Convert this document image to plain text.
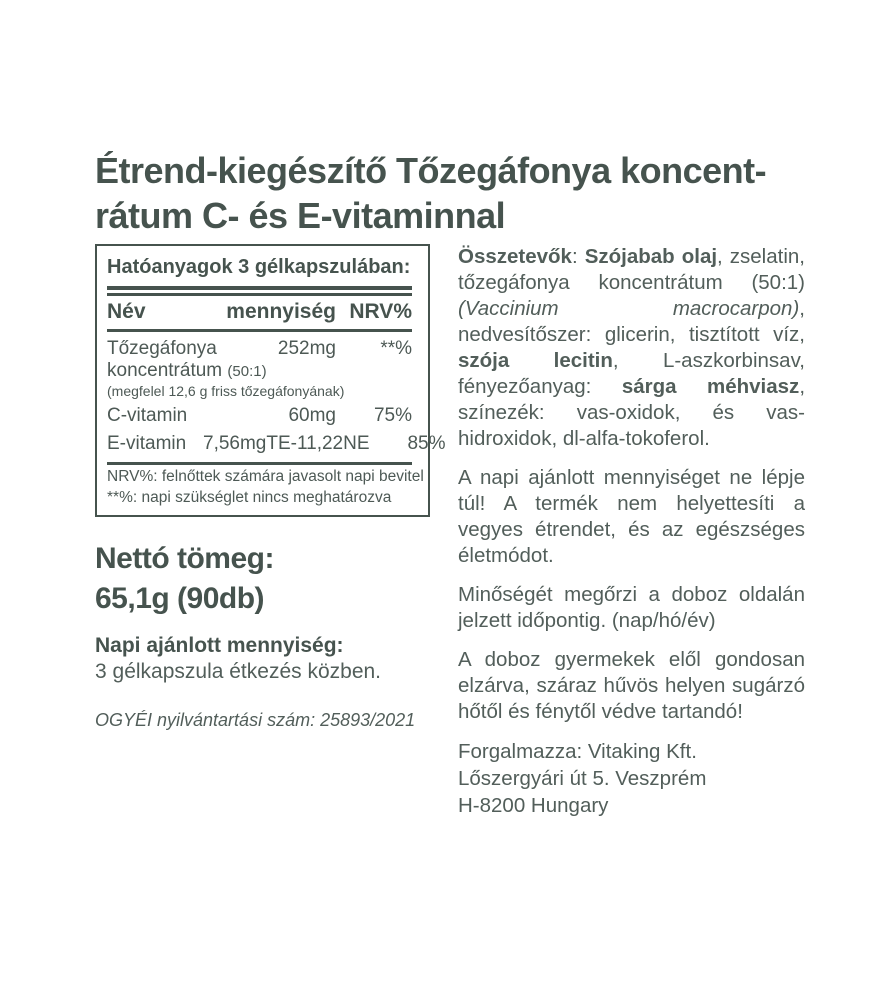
Étrend-kiegészítő Tőzegáfonya koncent-
rátum C- és E-vitaminnal
Hatóanyagok 3 gélkapszulában:
Név	mennyiség NRV%
Tőzegáfonya	252mg	**%
koncentrátum (50:1)
(megfelel 12,6 g friss tőzegáfonyának)
C-vitamin	60mg	75%
E-vitamin 7,56mgTE-11,22NE	85%
NRV%: felnőttek számára javasolt napi bevitel
**%: napi szükséglet nincs meghatározva
Nettó tömeg:
65,1g (90db)
Napi ajánlott mennyiség:
3 gélkapszula étkezés közben.
OGYÉI nyilvántartási szám: 25893/2021

Összetevők: Szójabab olaj, zselatin, tőzegáfonya koncentrátum (50:1) (Vaccinium macrocarpon), nedvesítőszer: glicerin, tisztított víz, szója lecitin, L-aszkorbinsav, fényezőanyag: sárga méhviasz, színezék: vas-oxidok, és vas-hidroxidok, dl-alfa-tokoferol.

A napi ajánlott mennyiséget ne lépje túl! A termék nem helyettesíti a vegyes étrendet, és az egészséges életmódot.

Minőségét megőrzi a doboz oldalán jelzett időpontig. (nap/hó/év)

A doboz gyermekek elől gondosan elzárva, száraz hűvös helyen sugárzó hőtől és fénytől védve tartandó!

Forgalmazza: Vitaking Kft.
Lőszergyári út 5. Veszprém
H-8200 Hungary
